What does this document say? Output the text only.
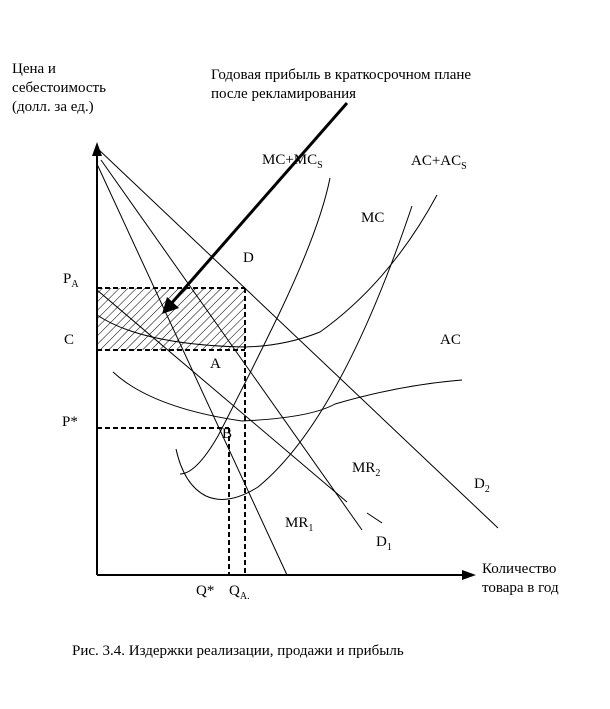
Цена и
себестоимость
(долл. за ед.)
Количество
товара в год
Годовая прибыль в краткосрочном плане
после рекламирования
$MC+MC_S$	$AC+AC_S$
MC
AC
D
$MR_2$
$D_2$
$MR_1$
$D_1$
$P_A$
C
P*
Q* $Q_{A.}$
A
B
Рис. 3.4. Издержки реализации, продажи и прибыль
